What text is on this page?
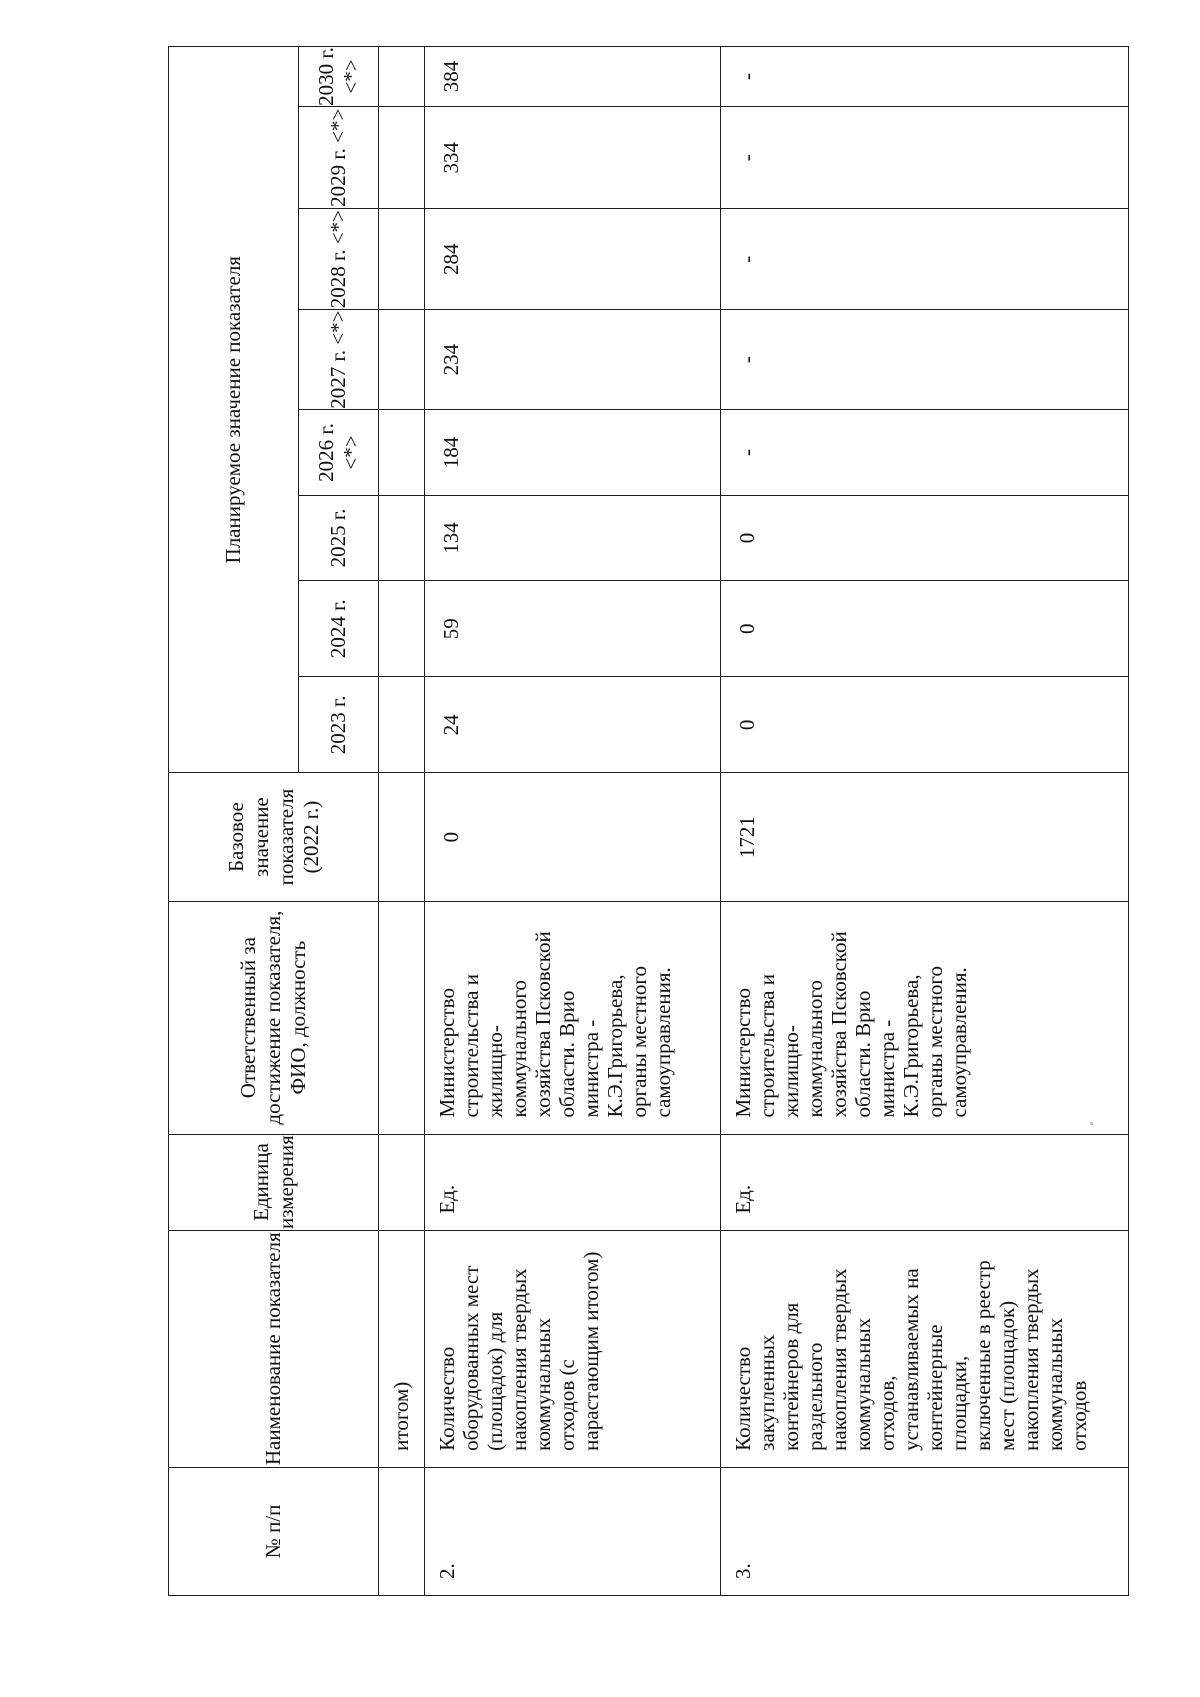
№ п/п	Наименование показателя	Единица измерения	Ответственный за достижение показателя, ФИО, должность	Базовое значение показателя (2022 г.)	Планируемое значение показателя							
					2023 г.	2024 г.	2025 г.	2026 г. <*>	2027 г. <*>	2028 г. <*>	2029 г. <*>	2030 г. <*>
	итогом)											
2.	Количество оборудованных мест (площадок) для накопления твердых коммунальных отходов (с нарастающим итогом)	Ед.	Министерство строительства и жилищно-коммунального хозяйства Псковской области. Врио министра - К.Э.Григорьева, органы местного самоуправления.	0	24	59	134	184	234	284	334	384
3.	Количество закупленных контейнеров для раздельного накопления твердых коммунальных отходов, устанавливаемых на контейнерные площадки, включенные в реестр мест (площадок) накопления твердых коммунальных отходов	Ед.	Министерство строительства и жилищно-коммунального хозяйства Псковской области. Врио министра - К.Э.Григорьева, органы местного самоуправления.	1721	0	0	0	-	-	-	-	-
